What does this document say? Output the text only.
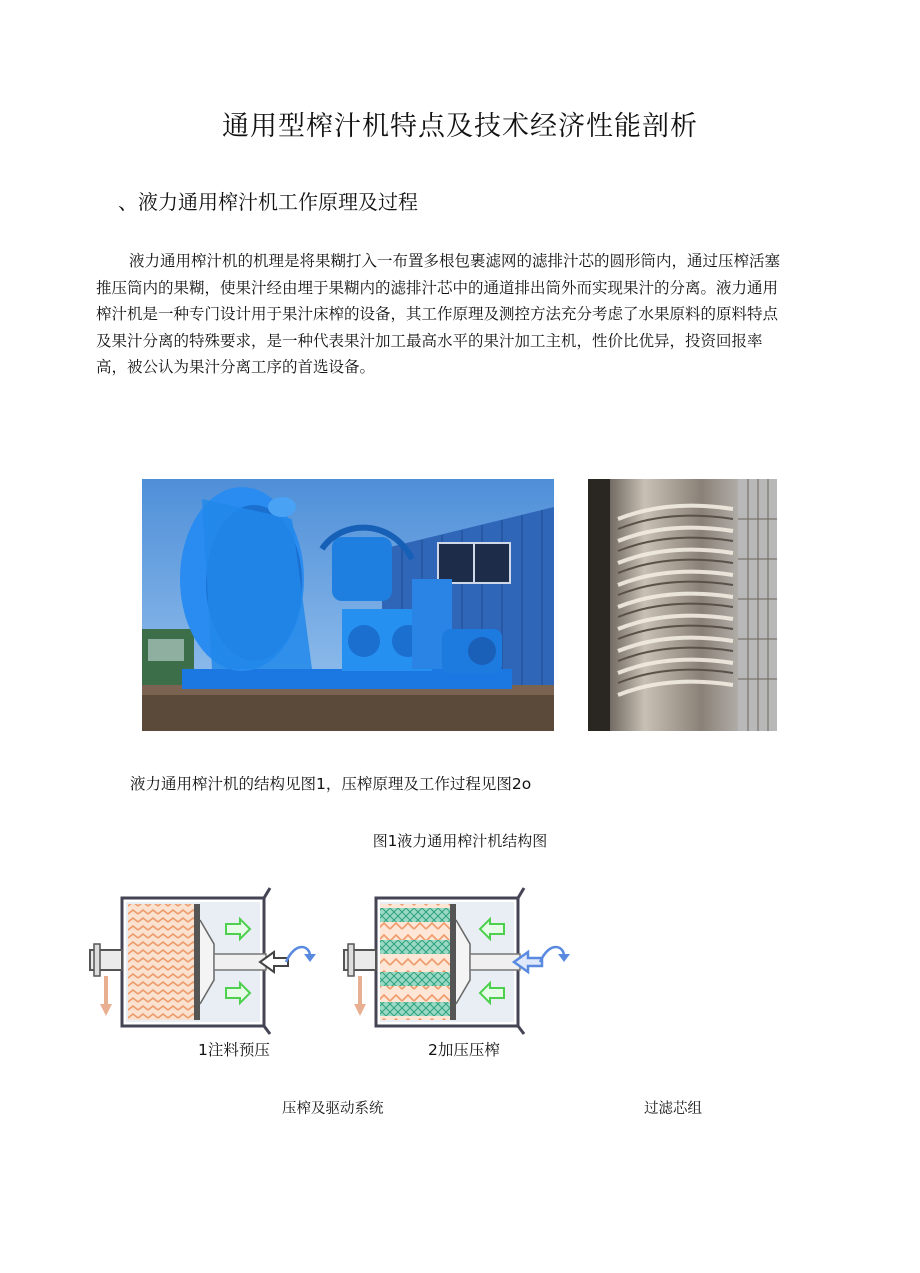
通用型榨汁机特点及技术经济性能剖析
、液力通用榨汁机工作原理及过程
液力通用榨汁机的机理是将果糊打入一布置多根包裹滤网的滤排汁芯的圆形筒内，通过压榨活塞推压筒内的果糊，使果汁经由埋于果糊内的滤排汁芯中的通道排出筒外而实现果汁的分离。液力通用榨汁机是一种专门设计用于果汁床榨的设备，其工作原理及测控方法充分考虑了水果原料的原料特点及果汁分离的特殊要求，是一种代表果汁加工最高水平的果汁加工主机，性价比优异，投资回报率高，被公认为果汁分离工序的首选设备。
液力通用榨汁机的结构见图1，压榨原理及工作过程见图2o
图1液力通用榨汁机结构图
1注料预压	2加压压榨
压榨及驱动系统	过滤芯组
